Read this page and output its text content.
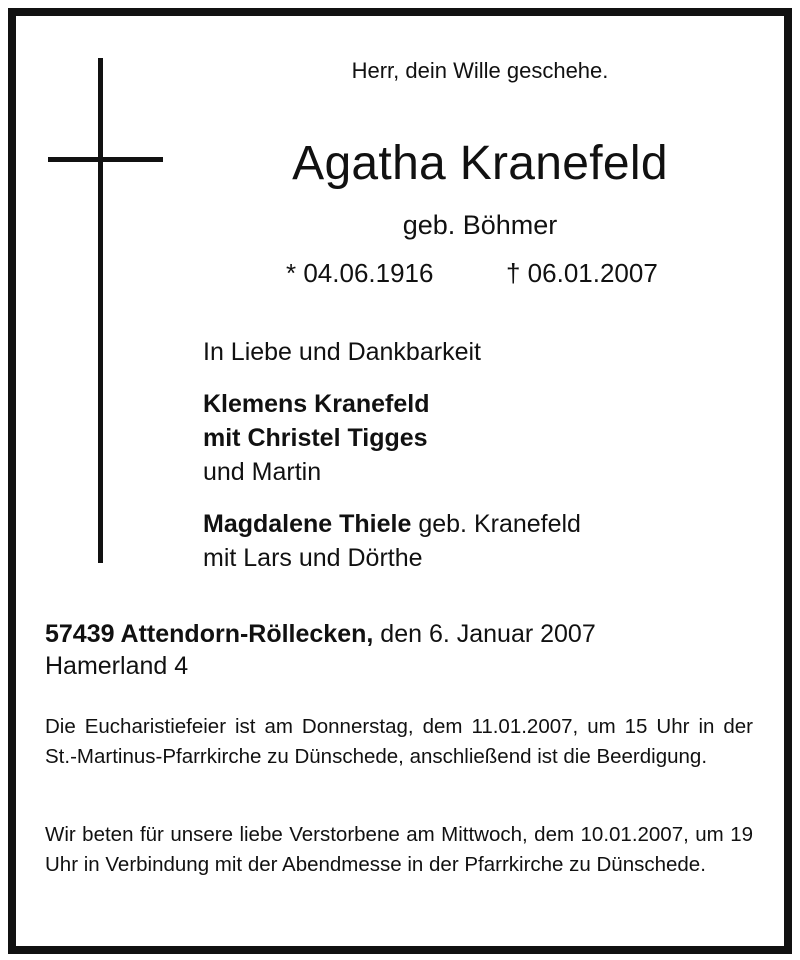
Herr, dein Wille geschehe.
Agatha Kranefeld
geb. Böhmer
* 04.06.1916	† 06.01.2007
In Liebe und Dankbarkeit
Klemens Kranefeld
mit Christel Tigges
und Martin
Magdalene Thiele geb. Kranefeld
mit Lars und Dörthe
57439 Attendorn-Röllecken, den 6. Januar 2007
Hamerland 4
Die Eucharistiefeier ist am Donnerstag, dem 11.01.2007, um 15 Uhr in der St.-Martinus-Pfarrkirche zu Dünschede, anschließend ist die Beerdigung.
Wir beten für unsere liebe Verstorbene am Mittwoch, dem 10.01.2007, um 19 Uhr in Verbindung mit der Abendmesse in der Pfarrkirche zu Dünschede.
